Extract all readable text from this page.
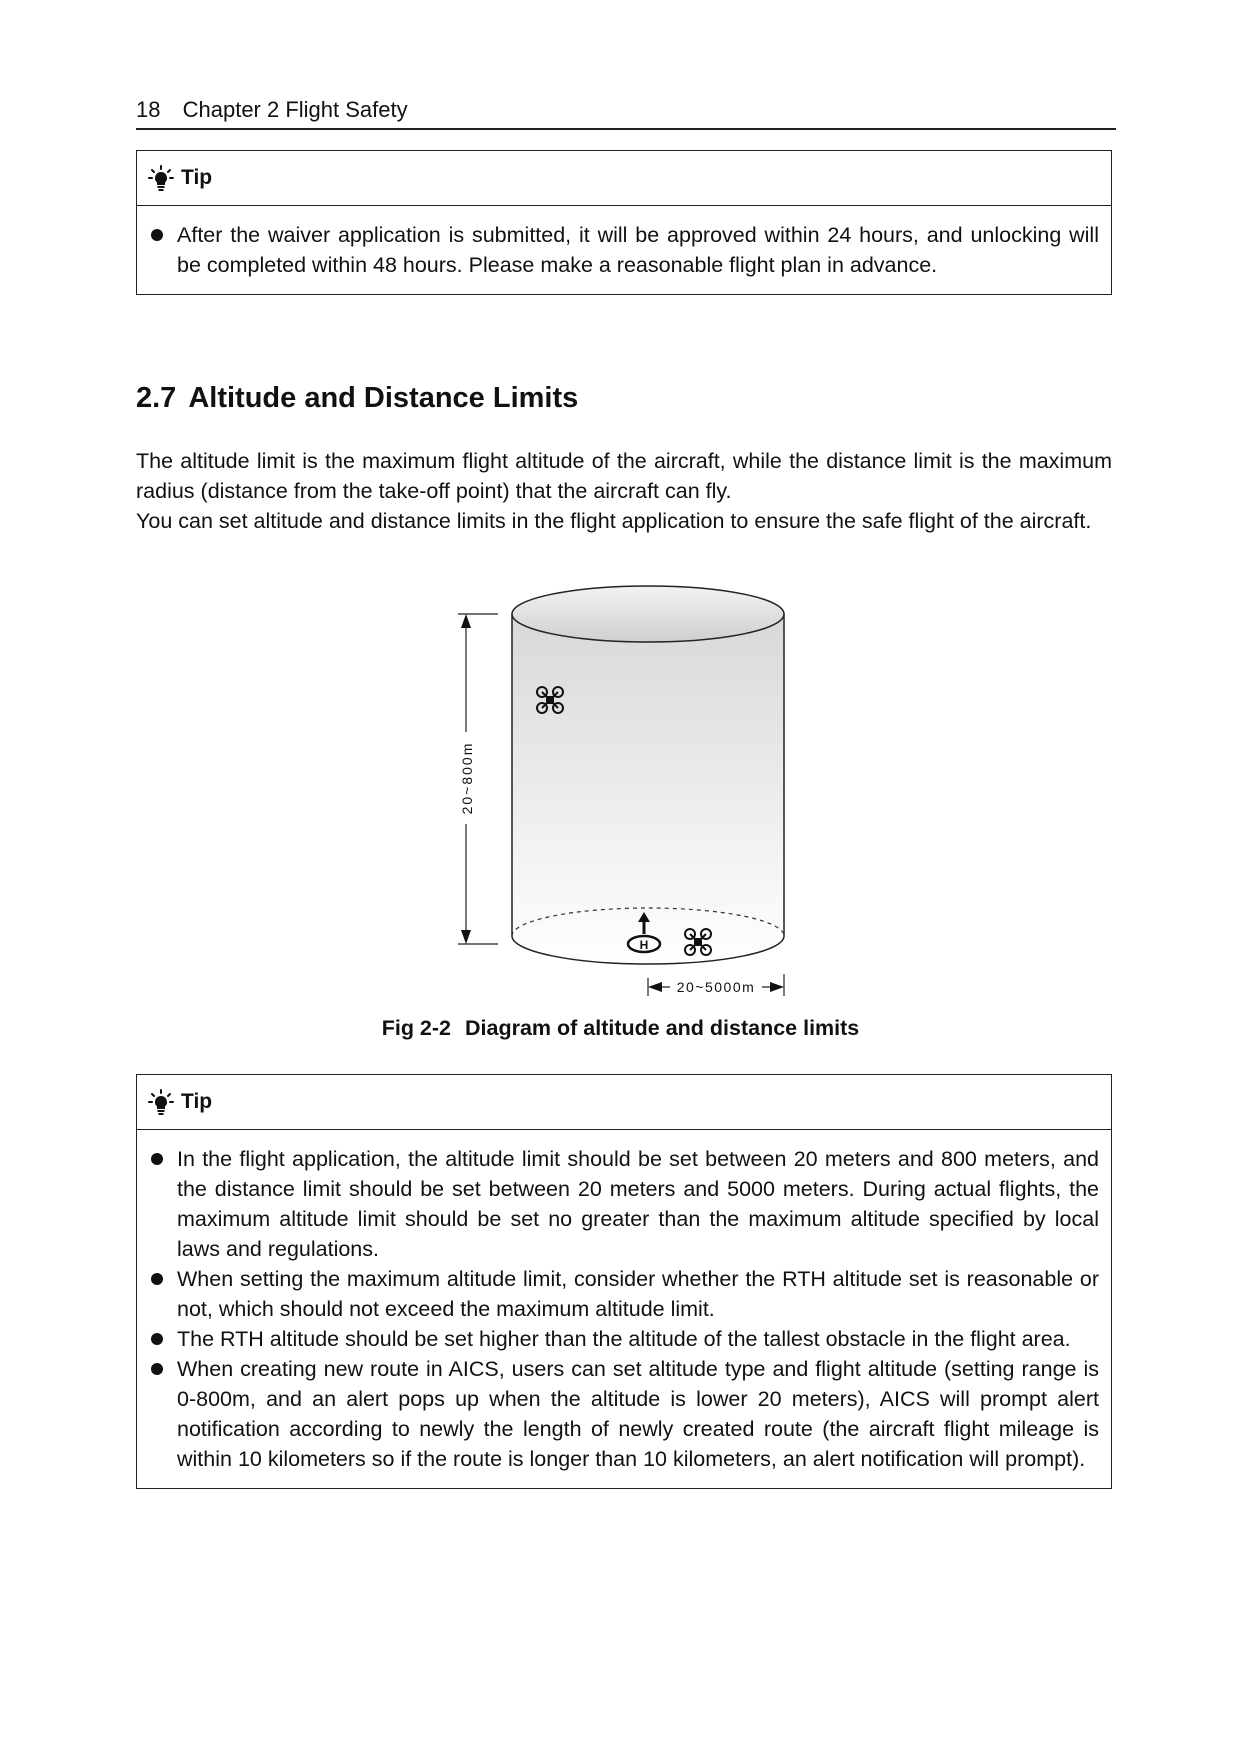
18 Chapter 2 Flight Safety
Tip
After the waiver application is submitted, it will be approved within 24 hours, and unlocking will be completed within 48 hours. Please make a reasonable flight plan in advance.
2.7 Altitude and Distance Limits

The altitude limit is the maximum flight altitude of the aircraft, while the distance limit is the maximum radius (distance from the take-off point) that the aircraft can fly.

You can set altitude and distance limits in the flight application to ensure the safe flight of the aircraft.

20~800m
H
20~5000m
Fig 2-2 Diagram of altitude and distance limits
Tip
In the flight application, the altitude limit should be set between 20 meters and 800 meters, and the distance limit should be set between 20 meters and 5000 meters. During actual flights, the maximum altitude limit should be set no greater than the maximum altitude specified by local laws and regulations.
When setting the maximum altitude limit, consider whether the RTH altitude set is reasonable or not, which should not exceed the maximum altitude limit.
The RTH altitude should be set higher than the altitude of the tallest obstacle in the flight area.
When creating new route in AICS, users can set altitude type and flight altitude (setting range is 0-800m, and an alert pops up when the altitude is lower 20 meters), AICS will prompt alert notification according to newly the length of newly created route (the aircraft flight mileage is within 10 kilometers so if the route is longer than 10 kilometers, an alert notification will prompt).
